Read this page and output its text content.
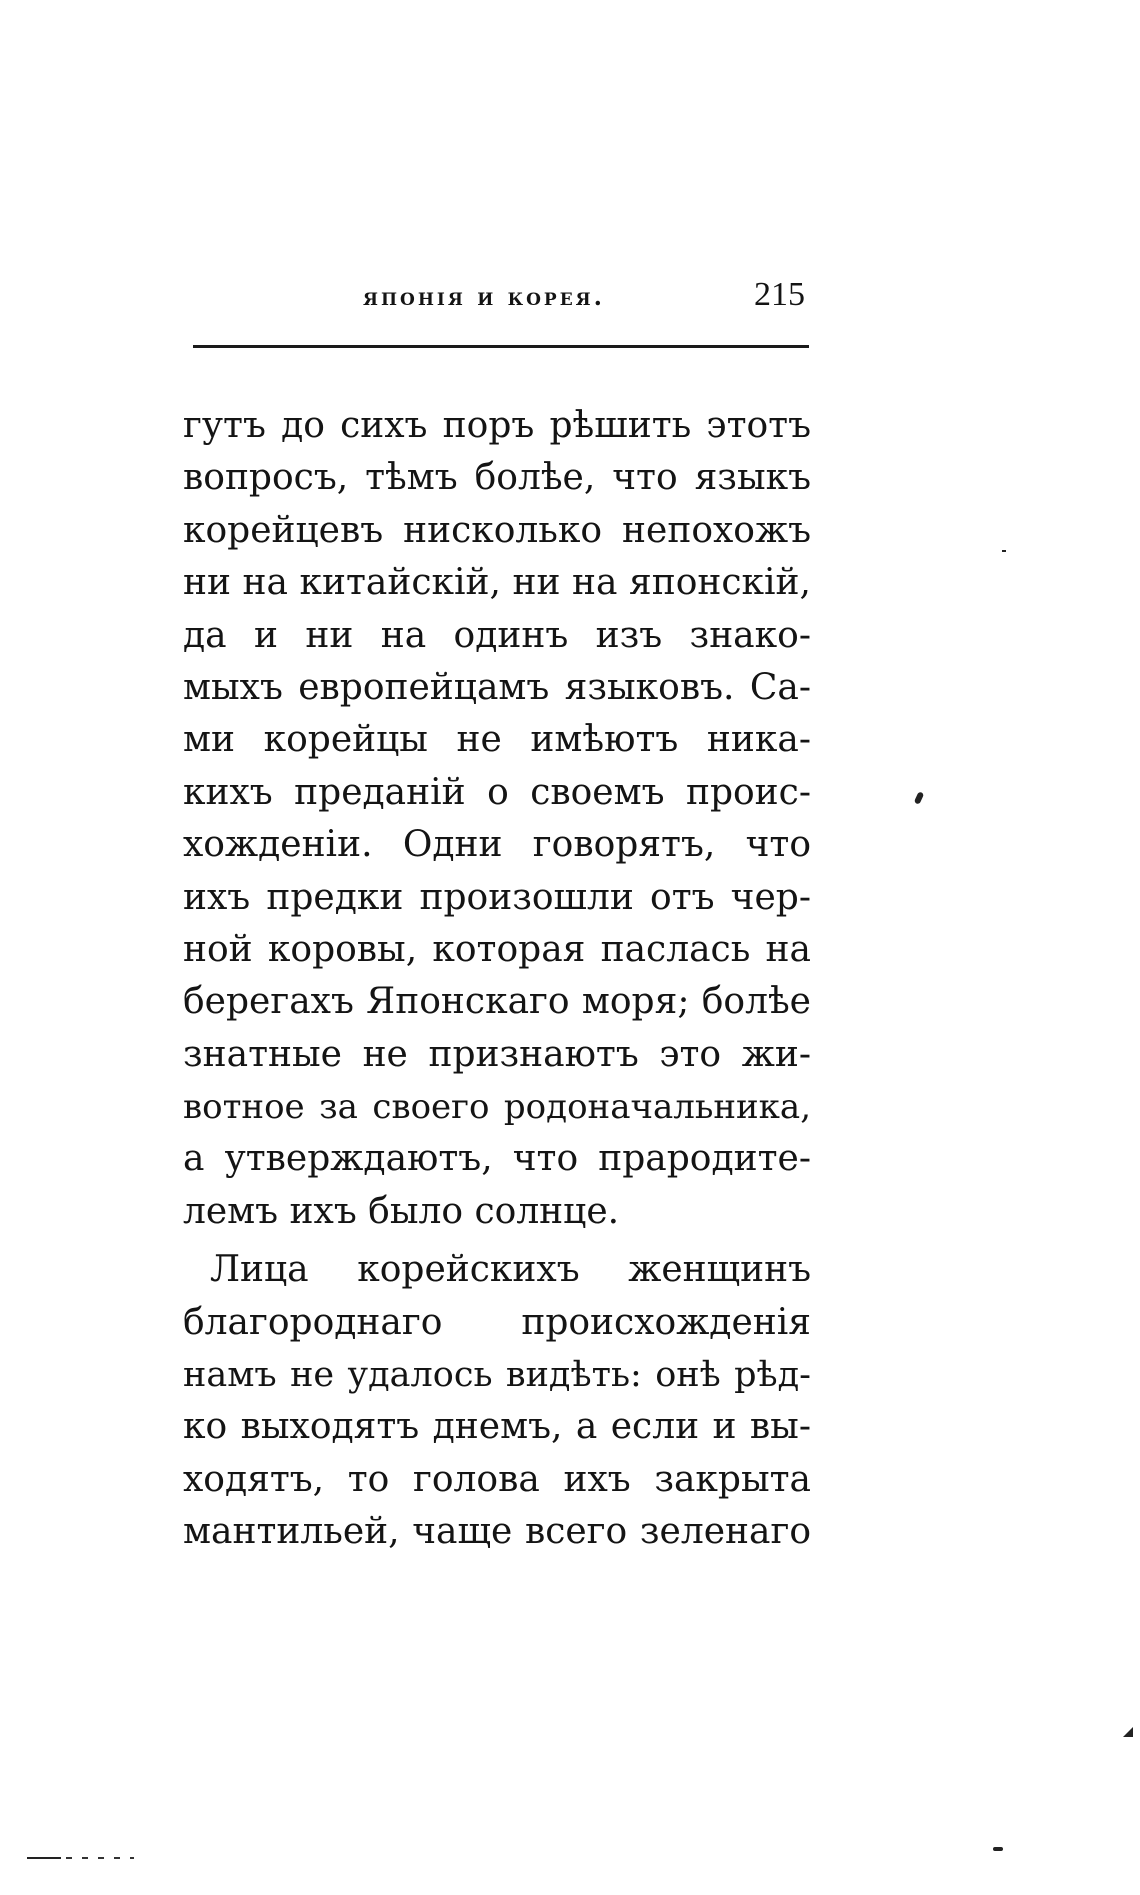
японія и корея.	215
гутъ до сихъ поръ рѣшить этотъ
вопросъ, тѣмъ болѣе, что языкъ
корейцевъ нисколько непохожъ
ни на китайскій, ни на японскій,
да и ни на одинъ изъ знако-
мыхъ европейцамъ языковъ. Са-
ми корейцы не имѣютъ ника-
кихъ преданій о своемъ проис-
хожденіи. Одни говорятъ, что
ихъ предки произошли отъ чер-
ной коровы, которая паслась на
берегахъ Японскаго моря; болѣе
знатные не признаютъ это жи-
вотное за своего родоначальника,
а утверждаютъ, что прародите-
лемъ ихъ было солнце.
Лица корейскихъ женщинъ
благороднаго происхожденія
намъ не удалось видѣть: онѣ рѣд-
ко выходятъ днемъ, а если и вы-
ходятъ, то голова ихъ закрыта
мантильей, чаще всего зеленаго
